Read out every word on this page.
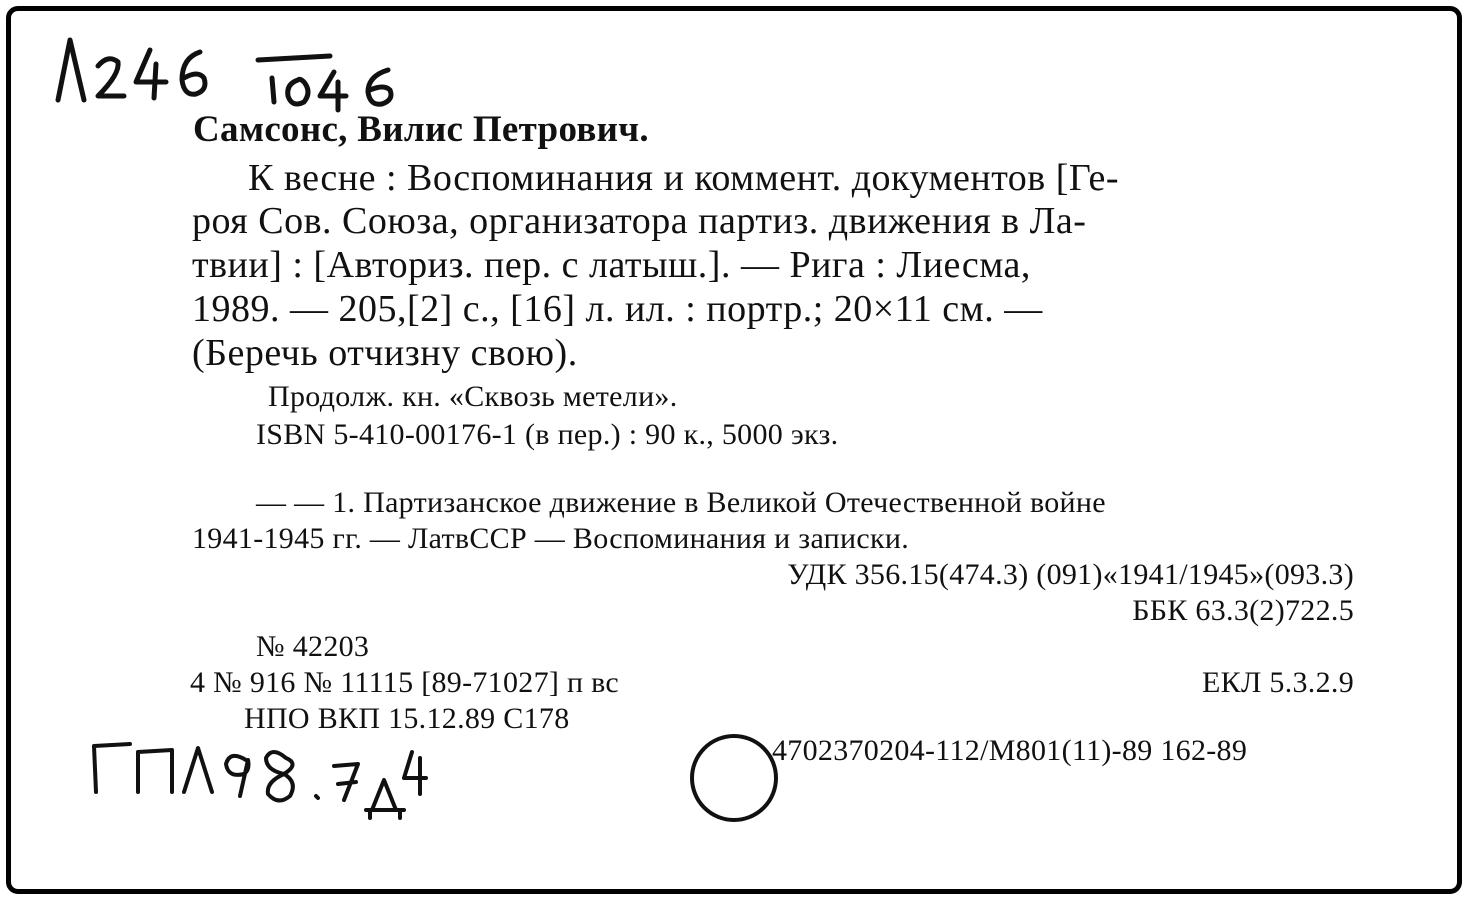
Самсонс, Вилис Петрович.

К весне : Воспоминания и коммент. документов [Ге-

роя Сов. Союза, организатора партиз. движения в Ла-

твии] : [Авториз. пер. с латыш.]. — Рига : Лиесма,

1989. — 205,[2] с., [16] л. ил. : портр.; 20×11 см. —

(Беречь отчизну свою).

Продолж. кн. «Сквозь метели».

ISBN 5-410-00176-1 (в пер.) : 90 к., 5000 экз.

— — 1. Партизанское движение в Великой Отечественной войне

1941-1945 гг. — ЛатвССР — Воспоминания и записки.

УДК 356.15(474.3) (091)«1941/1945»(093.3)

ББК 63.3(2)722.5

№ 42203

4 № 916 № 11115 [89-71027] п вс	ЕКЛ 5.3.2.9

НПО ВКП 15.12.89 С178

4702370204-112/М801(11)-89 162-89
